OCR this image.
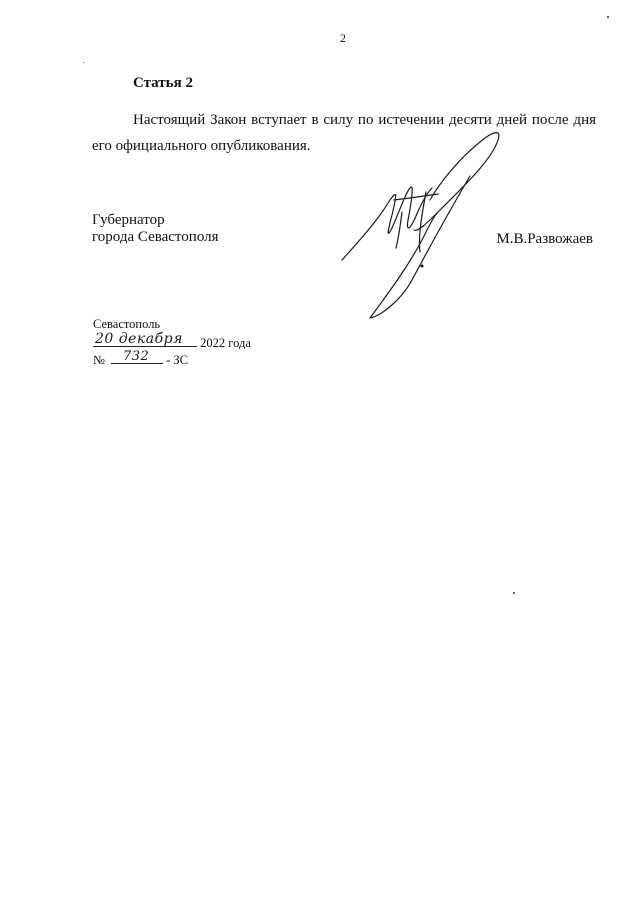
2
Статья 2

Настоящий Закон вступает в силу по истечении десяти дней после дня его официального опубликования.

Губернатор
города Севастополя	М.В.Развожаев
Севастополь
20 декабря 2022 года
№ 732 - ЗС
